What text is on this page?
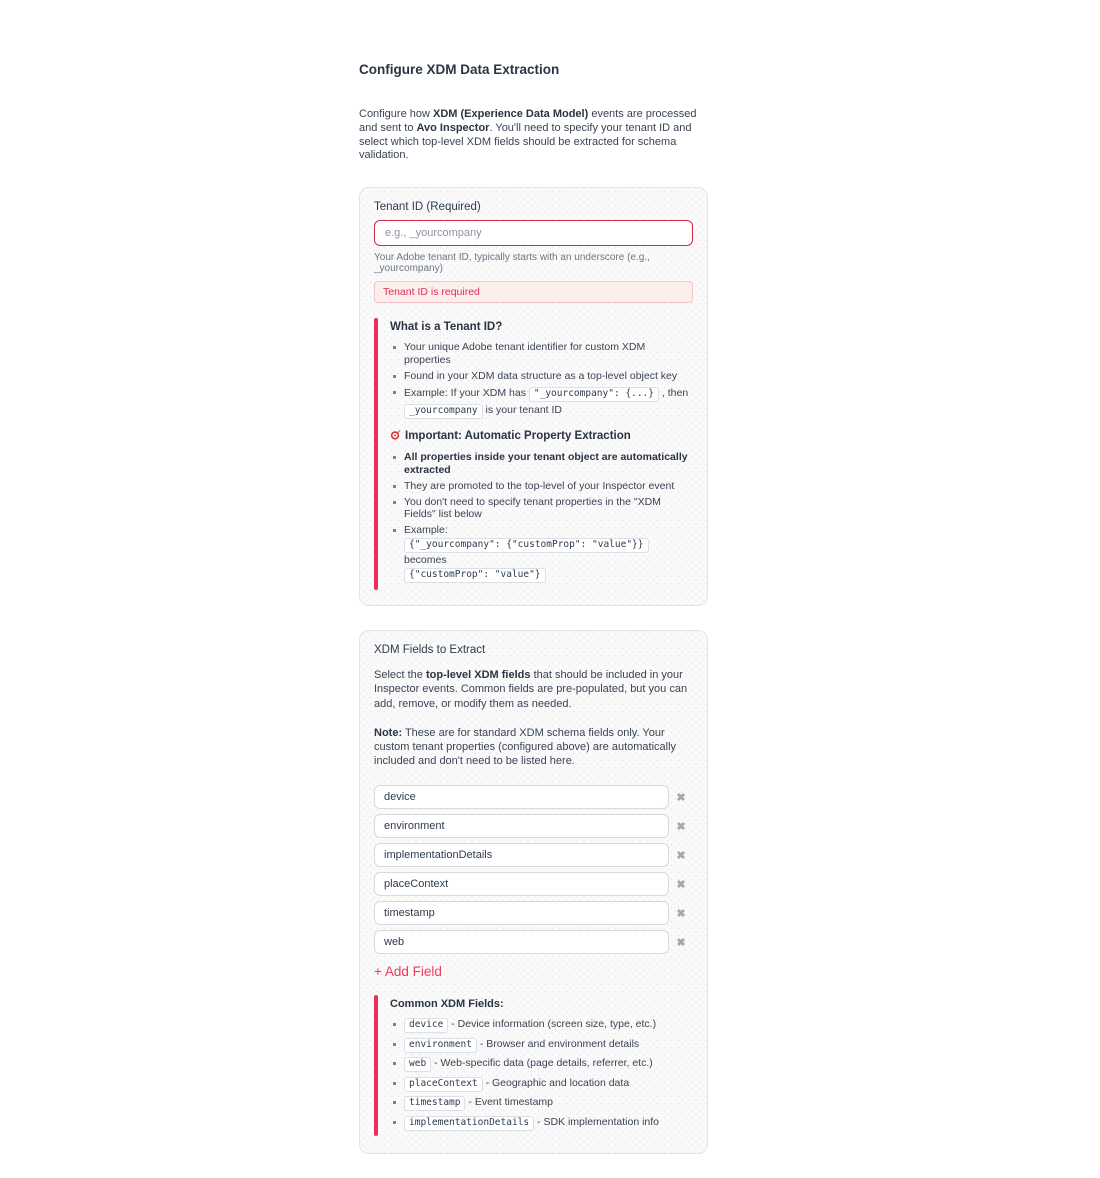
Configure XDM Data Extraction

Configure how XDM (Experience Data Model) events are processed and sent to Avo Inspector. You'll need to specify your tenant ID and select which top-level XDM fields should be extracted for schema validation.

Tenant ID (Required)
e.g., _yourcompany
Your Adobe tenant ID, typically starts with an underscore (e.g., _yourcompany)
Tenant ID is required
What is a Tenant ID?
Your unique Adobe tenant identifier for custom XDM properties
Found in your XDM data structure as a top-level object key
Example: If your XDM has "_yourcompany": {...} , then _yourcompany is your tenant ID
Important: Automatic Property Extraction
All properties inside your tenant object are automatically extracted
They are promoted to the top-level of your Inspector event
You don't need to specify tenant properties in the "XDM Fields" list below
Example: {"_yourcompany": {"customProp": "value"}} becomes
{"customProp": "value"}
XDM Fields to Extract

Select the top-level XDM fields that should be included in your Inspector events. Common fields are pre-populated, but you can add, remove, or modify them as needed.

Note: These are for standard XDM schema fields only. Your custom tenant properties (configured above) are automatically included and don't need to be listed here.

device
✖
environment
✖
implementationDetails
✖
placeContext
✖
timestamp
✖
web
✖
+ Add Field
Common XDM Fields:
device - Device information (screen size, type, etc.)
environment - Browser and environment details
web - Web-specific data (page details, referrer, etc.)
placeContext - Geographic and location data
timestamp - Event timestamp
implementationDetails - SDK implementation info
